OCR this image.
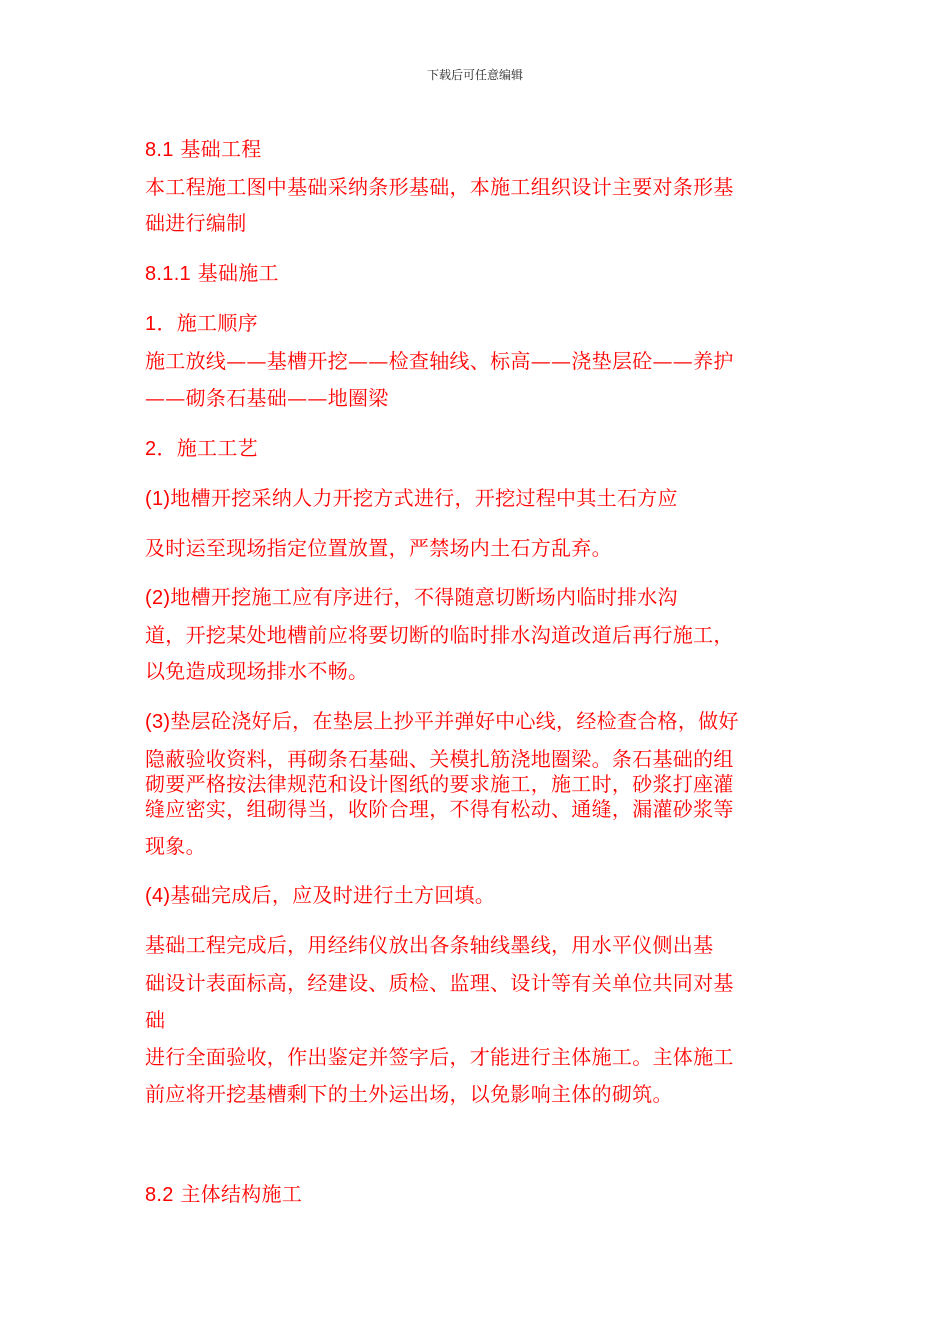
下载后可任意编辑
8.1 基础工程
本工程施工图中基础采纳条形基础，本施工组织设计主要对条形基
础进行编制
8.1.1 基础施工
1．施工顺序
施工放线——基槽开挖——检查轴线、标高——浇垫层砼——养护
——砌条石基础——地圈梁
2．施工工艺
(1)地槽开挖采纳人力开挖方式进行，开挖过程中其土石方应
及时运至现场指定位置放置，严禁场内土石方乱弃。
(2)地槽开挖施工应有序进行，不得随意切断场内临时排水沟
道，开挖某处地槽前应将要切断的临时排水沟道改道后再行施工，
以免造成现场排水不畅。
(3)垫层砼浇好后，在垫层上抄平并弹好中心线，经检查合格，做好
隐蔽验收资料，再砌条石基础、关模扎筋浇地圈梁。条石基础的组
砌要严格按法律规范和设计图纸的要求施工，施工时，砂浆打座灌
缝应密实，组砌得当，收阶合理，不得有松动、通缝，漏灌砂浆等
现象。
(4)基础完成后，应及时进行土方回填。
基础工程完成后，用经纬仪放出各条轴线墨线，用水平仪侧出基
础设计表面标高，经建设、质检、监理、设计等有关单位共同对基
础
进行全面验收，作出鉴定并签字后，才能进行主体施工。主体施工
前应将开挖基槽剩下的土外运出场，以免影响主体的砌筑。
8.2 主体结构施工
